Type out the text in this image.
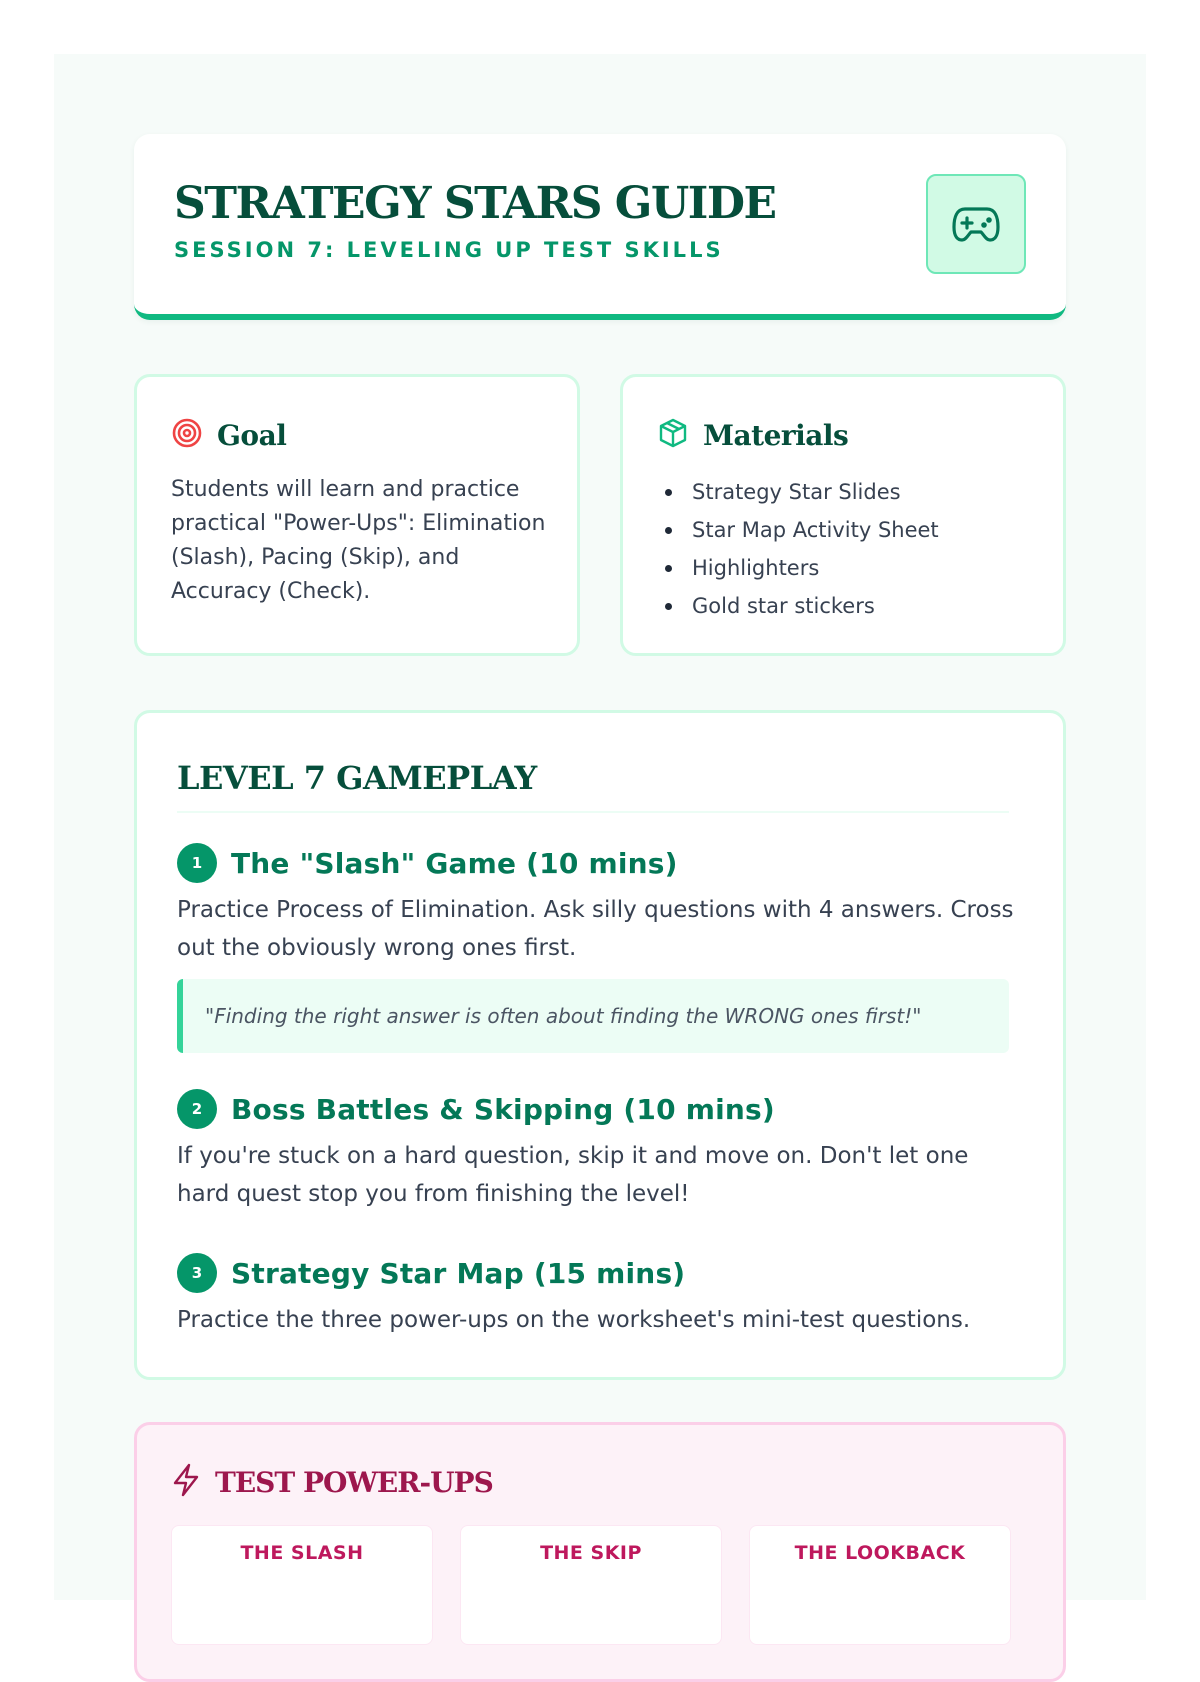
STRATEGY STARS GUIDE
SESSION 7: LEVELING UP TEST SKILLS
Goal

Students will learn and practice practical "Power-Ups": Elimination (Slash), Pacing (Skip), and Accuracy (Check).

Materials
Strategy Star Slides
Star Map Activity Sheet
Highlighters
Gold star stickers
LEVEL 7 GAMEPLAY
1	The "Slash" Game (10 mins)

Practice Process of Elimination. Ask silly questions with 4 answers. Cross out the obviously wrong ones first.

"Finding the right answer is often about finding the WRONG ones first!"
2	Boss Battles & Skipping (10 mins)

If you're stuck on a hard question, skip it and move on. Don't let one hard quest stop you from finishing the level!

3	Strategy Star Map (15 mins)

Practice the three power-ups on the worksheet's mini-test questions.

TEST POWER-UPS
THE SLASH	THE SKIP	THE LOOKBACK
